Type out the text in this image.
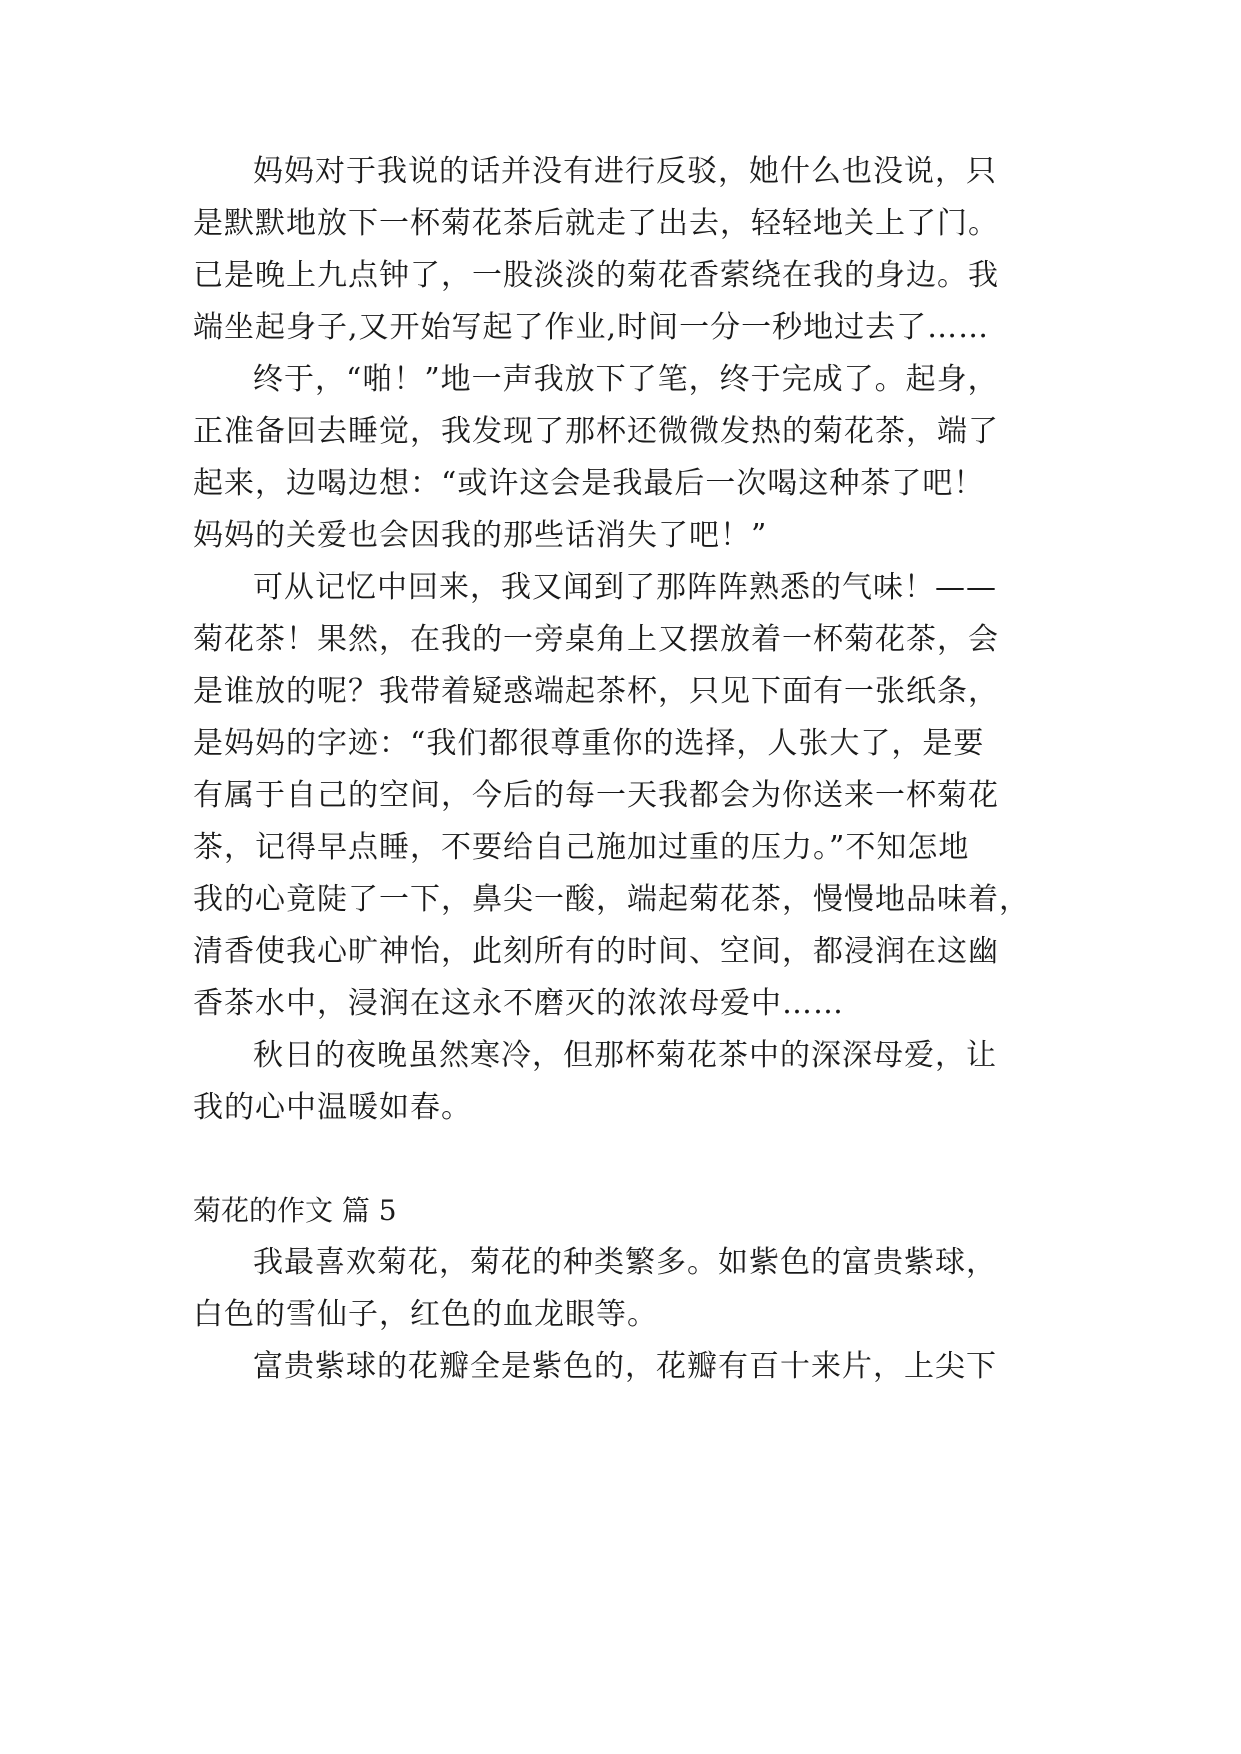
妈妈对于我说的话并没有进行反驳，她什么也没说，只
是默默地放下一杯菊花茶后就走了出去，轻轻地关上了门。
已是晚上九点钟了，一股淡淡的菊花香萦绕在我的身边。我
端坐起身子,又开始写起了作业,时间一分一秒地过去了……
终于，“啪！”地一声我放下了笔，终于完成了。起身，
正准备回去睡觉，我发现了那杯还微微发热的菊花茶，端了
起来，边喝边想：“或许这会是我最后一次喝这种茶了吧！
妈妈的关爱也会因我的那些话消失了吧！”
可从记忆中回来，我又闻到了那阵阵熟悉的气味！——
菊花茶！果然，在我的一旁桌角上又摆放着一杯菊花茶，会
是谁放的呢？我带着疑惑端起茶杯，只见下面有一张纸条，
是妈妈的字迹：“我们都很尊重你的选择，人张大了，是要
有属于自己的空间，今后的每一天我都会为你送来一杯菊花
茶，记得早点睡，不要给自己施加过重的压力。”不知怎地
我的心竟陡了一下，鼻尖一酸，端起菊花茶，慢慢地品味着，
清香使我心旷神怡，此刻所有的时间、空间，都浸润在这幽
香茶水中，浸润在这永不磨灭的浓浓母爱中……
秋日的夜晚虽然寒冷，但那杯菊花茶中的深深母爱，让
我的心中温暖如春。
菊花的作文 篇 5
我最喜欢菊花，菊花的种类繁多。如紫色的富贵紫球，
白色的雪仙子，红色的血龙眼等。
富贵紫球的花瓣全是紫色的，花瓣有百十来片，上尖下
